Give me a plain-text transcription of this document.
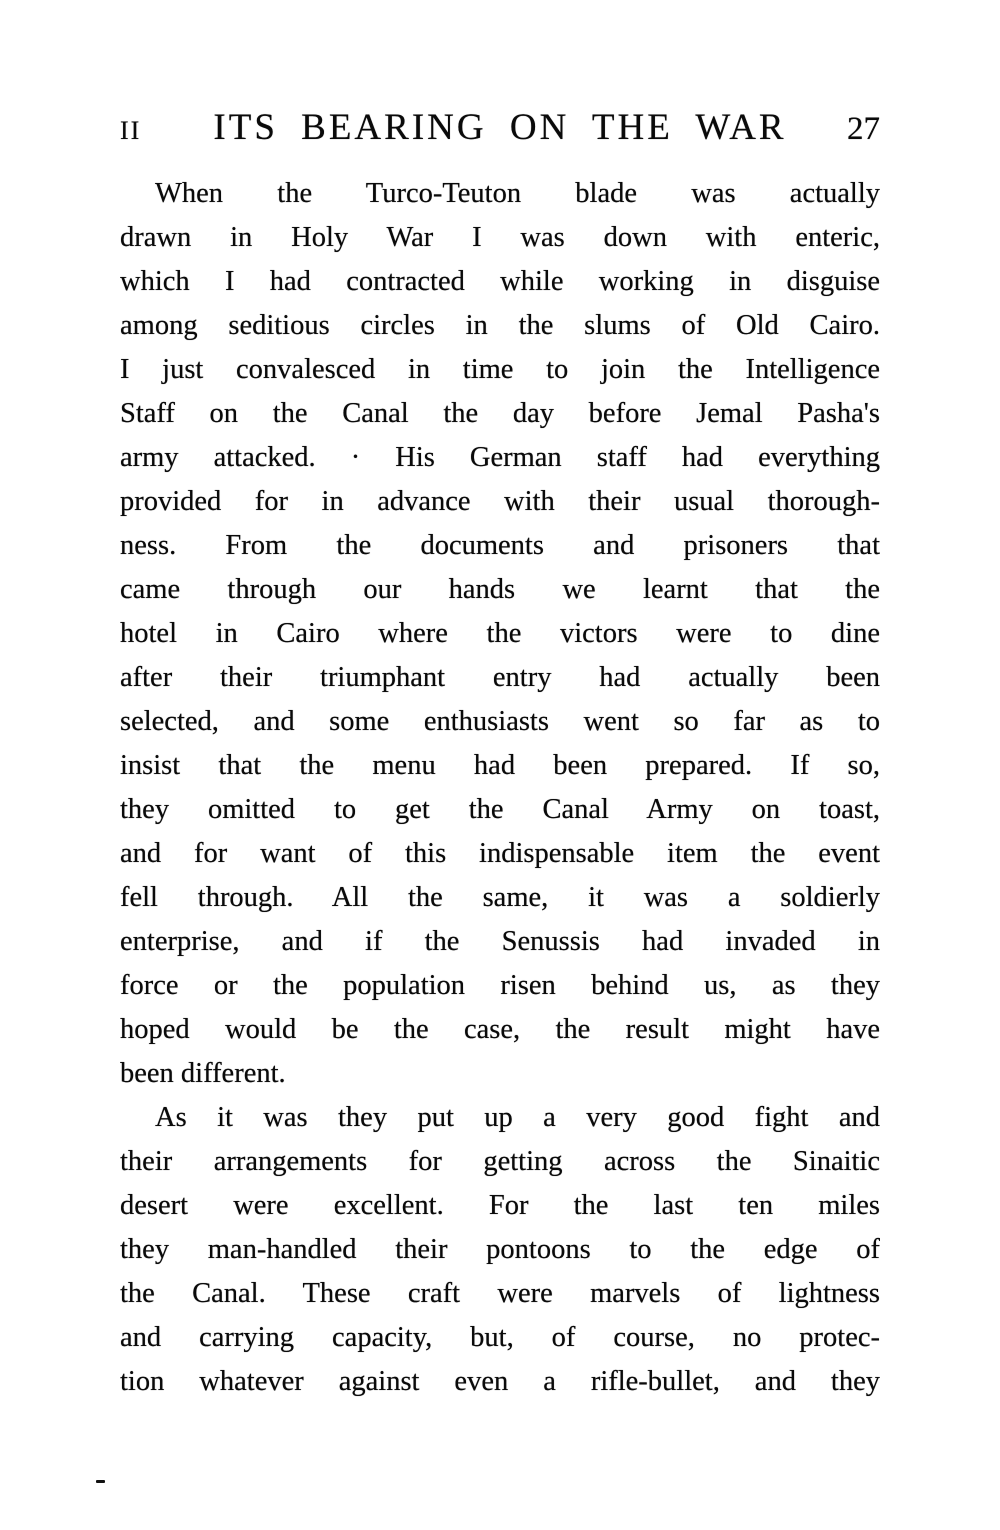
II	ITS BEARING ON THE WAR	27
When the Turco-Teuton blade was actually
drawn in Holy War I was down with enteric,
which I had contracted while working in disguise
among seditious circles in the slums of Old Cairo.
I just convalesced in time to join the Intelligence
Staff on the Canal the day before Jemal Pasha's
army attacked. · His German staff had everything
provided for in advance with their usual thorough-
ness. From the documents and prisoners that
came through our hands we learnt that the
hotel in Cairo where the victors were to dine
after their triumphant entry had actually been
selected, and some enthusiasts went so far as to
insist that the menu had been prepared. If so,
they omitted to get the Canal Army on toast,
and for want of this indispensable item the event
fell through. All the same, it was a soldierly
enterprise, and if the Senussis had invaded in
force or the population risen behind us, as they
hoped would be the case, the result might have
been different.
As it was they put up a very good fight and
their arrangements for getting across the Sinaitic
desert were excellent. For the last ten miles
they man-handled their pontoons to the edge of
the Canal. These craft were marvels of lightness
and carrying capacity, but, of course, no protec-
tion whatever against even a rifle-bullet, and they
